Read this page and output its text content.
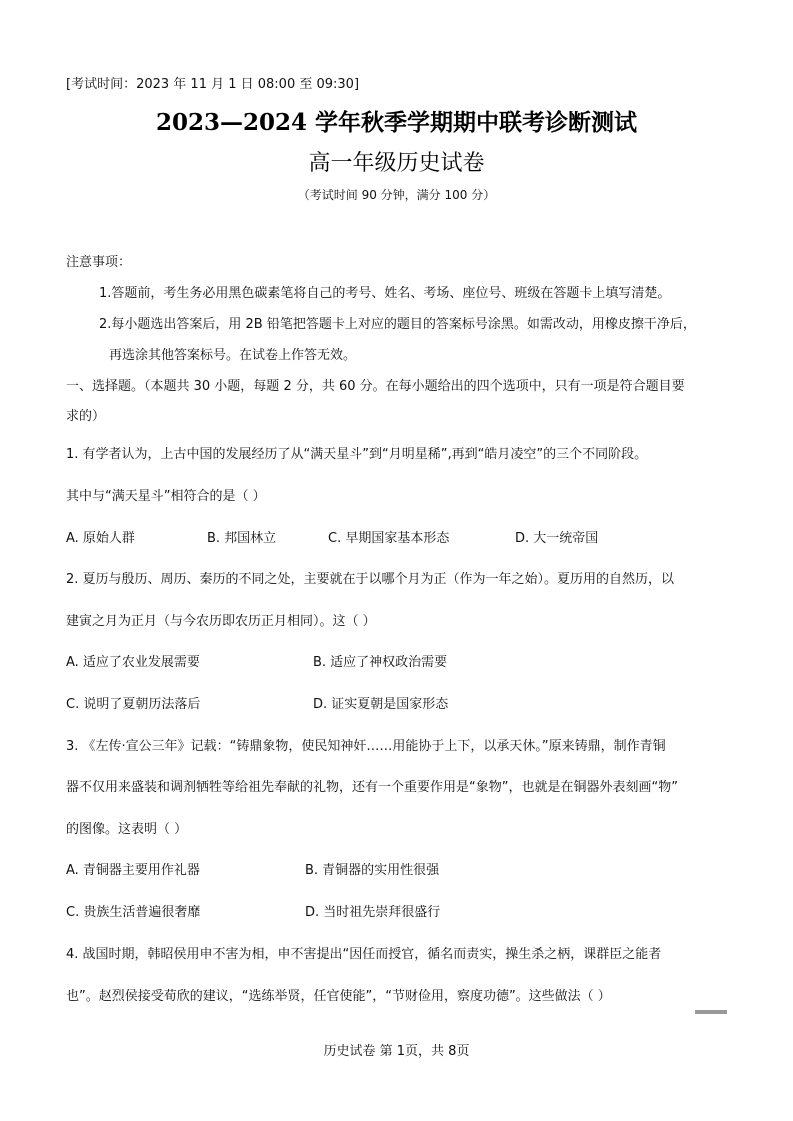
[考试时间：2023 年 11 月 1 日 08:00 至 09:30]
2023—2024 学年秋季学期期中联考诊断测试
高一年级历史试卷
（考试时间 90 分钟，满分 100 分）
注意事项：
1.答题前，考生务必用黑色碳素笔将自己的考号、姓名、考场、座位号、班级在答题卡上填写清楚。
2.每小题选出答案后，用 2B 铅笔把答题卡上对应的题目的答案标号涂黑。如需改动，用橡皮擦干净后，
再选涂其他答案标号。在试卷上作答无效。
一、选择题。（本题共 30 小题，每题 2 分，共 60 分。在每小题给出的四个选项中，只有一项是符合题目要
求的）
1. 有学者认为，上古中国的发展经历了从“满天星斗”到“月明星稀”,再到“皓月凌空”的三个不同阶段。
其中与“满天星斗”相符合的是（ ）
A. 原始人群	B. 邦国林立	C. 早期国家基本形态	D. 大一统帝国
2. 夏历与殷历、周历、秦历的不同之处，主要就在于以哪个月为正（作为一年之始）。夏历用的自然历，以
建寅之月为正月（与今农历即农历正月相同）。这（ ）
A. 适应了农业发展需要	B. 适应了神权政治需要
C. 说明了夏朝历法落后	D. 证实夏朝是国家形态
3. 《左传·宣公三年》记载：“铸鼎象物，使民知神奸……用能协于上下，以承天休。”原来铸鼎，制作青铜
器不仅用来盛装和调剂牺牲等给祖先奉献的礼物，还有一个重要作用是“象物”，也就是在铜器外表刻画“物”
的图像。这表明（ ）
A. 青铜器主要用作礼器	B. 青铜器的实用性很强
C. 贵族生活普遍很奢靡	D. 当时祖先崇拜很盛行
4. 战国时期，韩昭侯用申不害为相，申不害提出“因任而授官，循名而责实，操生杀之柄，课群臣之能者
也”。赵烈侯接受荀欣的建议，“选练举贤，任官使能”，“节财俭用，察度功德”。这些做法（ ）
历史试卷 第 1页，共 8页
